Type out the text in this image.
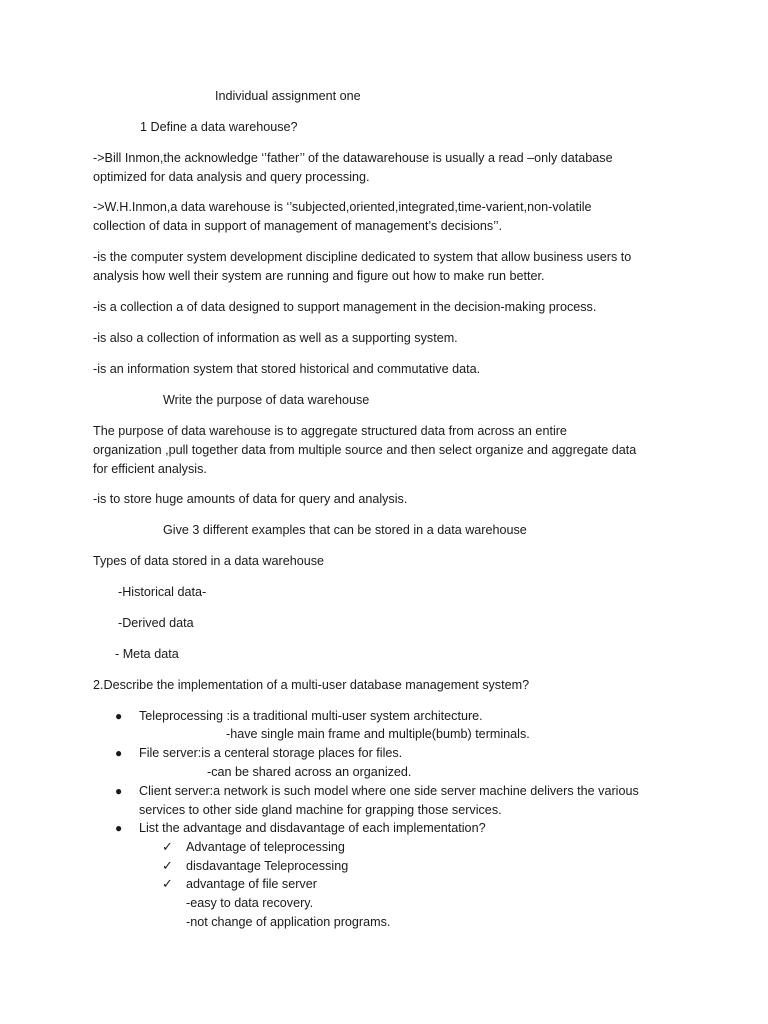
Individual assignment one
1 Define a data warehouse?
->Bill Inmon,the acknowledge ‘’father’’ of the datawarehouse is usually a read –only database
optimized for data analysis and query processing.
->W.H.Inmon,a data warehouse is ‘’subjected,oriented,integrated,time-varient,non-volatile
collection of data in support of management of management’s decisions’’.
-is the computer system development discipline dedicated to system that allow business users to
analysis how well their system are running and figure out how to make run better.
-is a collection a of data designed to support management in the decision-making process.
-is also a collection of information as well as a supporting system.
-is an information system that stored historical and commutative data.
Write the purpose of data warehouse
The purpose of data warehouse is to aggregate structured data from across an entire
organization ,pull together data from multiple source and then select organize and aggregate data
for efficient analysis.
-is to store huge amounts of data for query and analysis.
Give 3 different examples that can be stored in a data warehouse
Types of data stored in a data warehouse
-Historical data-
-Derived data
- Meta data
2.Describe the implementation of a multi-user database management system?
● Teleprocessing :is a traditional multi-user system architecture.
-have single main frame and multiple(bumb) terminals.
● File server:is a centeral storage places for files.
-can be shared across an organized.
● Client server:a network is such model where one side server machine delivers the various
services to other side gland machine for grapping those services.
● List the advantage and disdavantage of each implementation?
✓ Advantage of teleprocessing
✓ disdavantage Teleprocessing
✓ advantage of file server
-easy to data recovery.
-not change of application programs.
